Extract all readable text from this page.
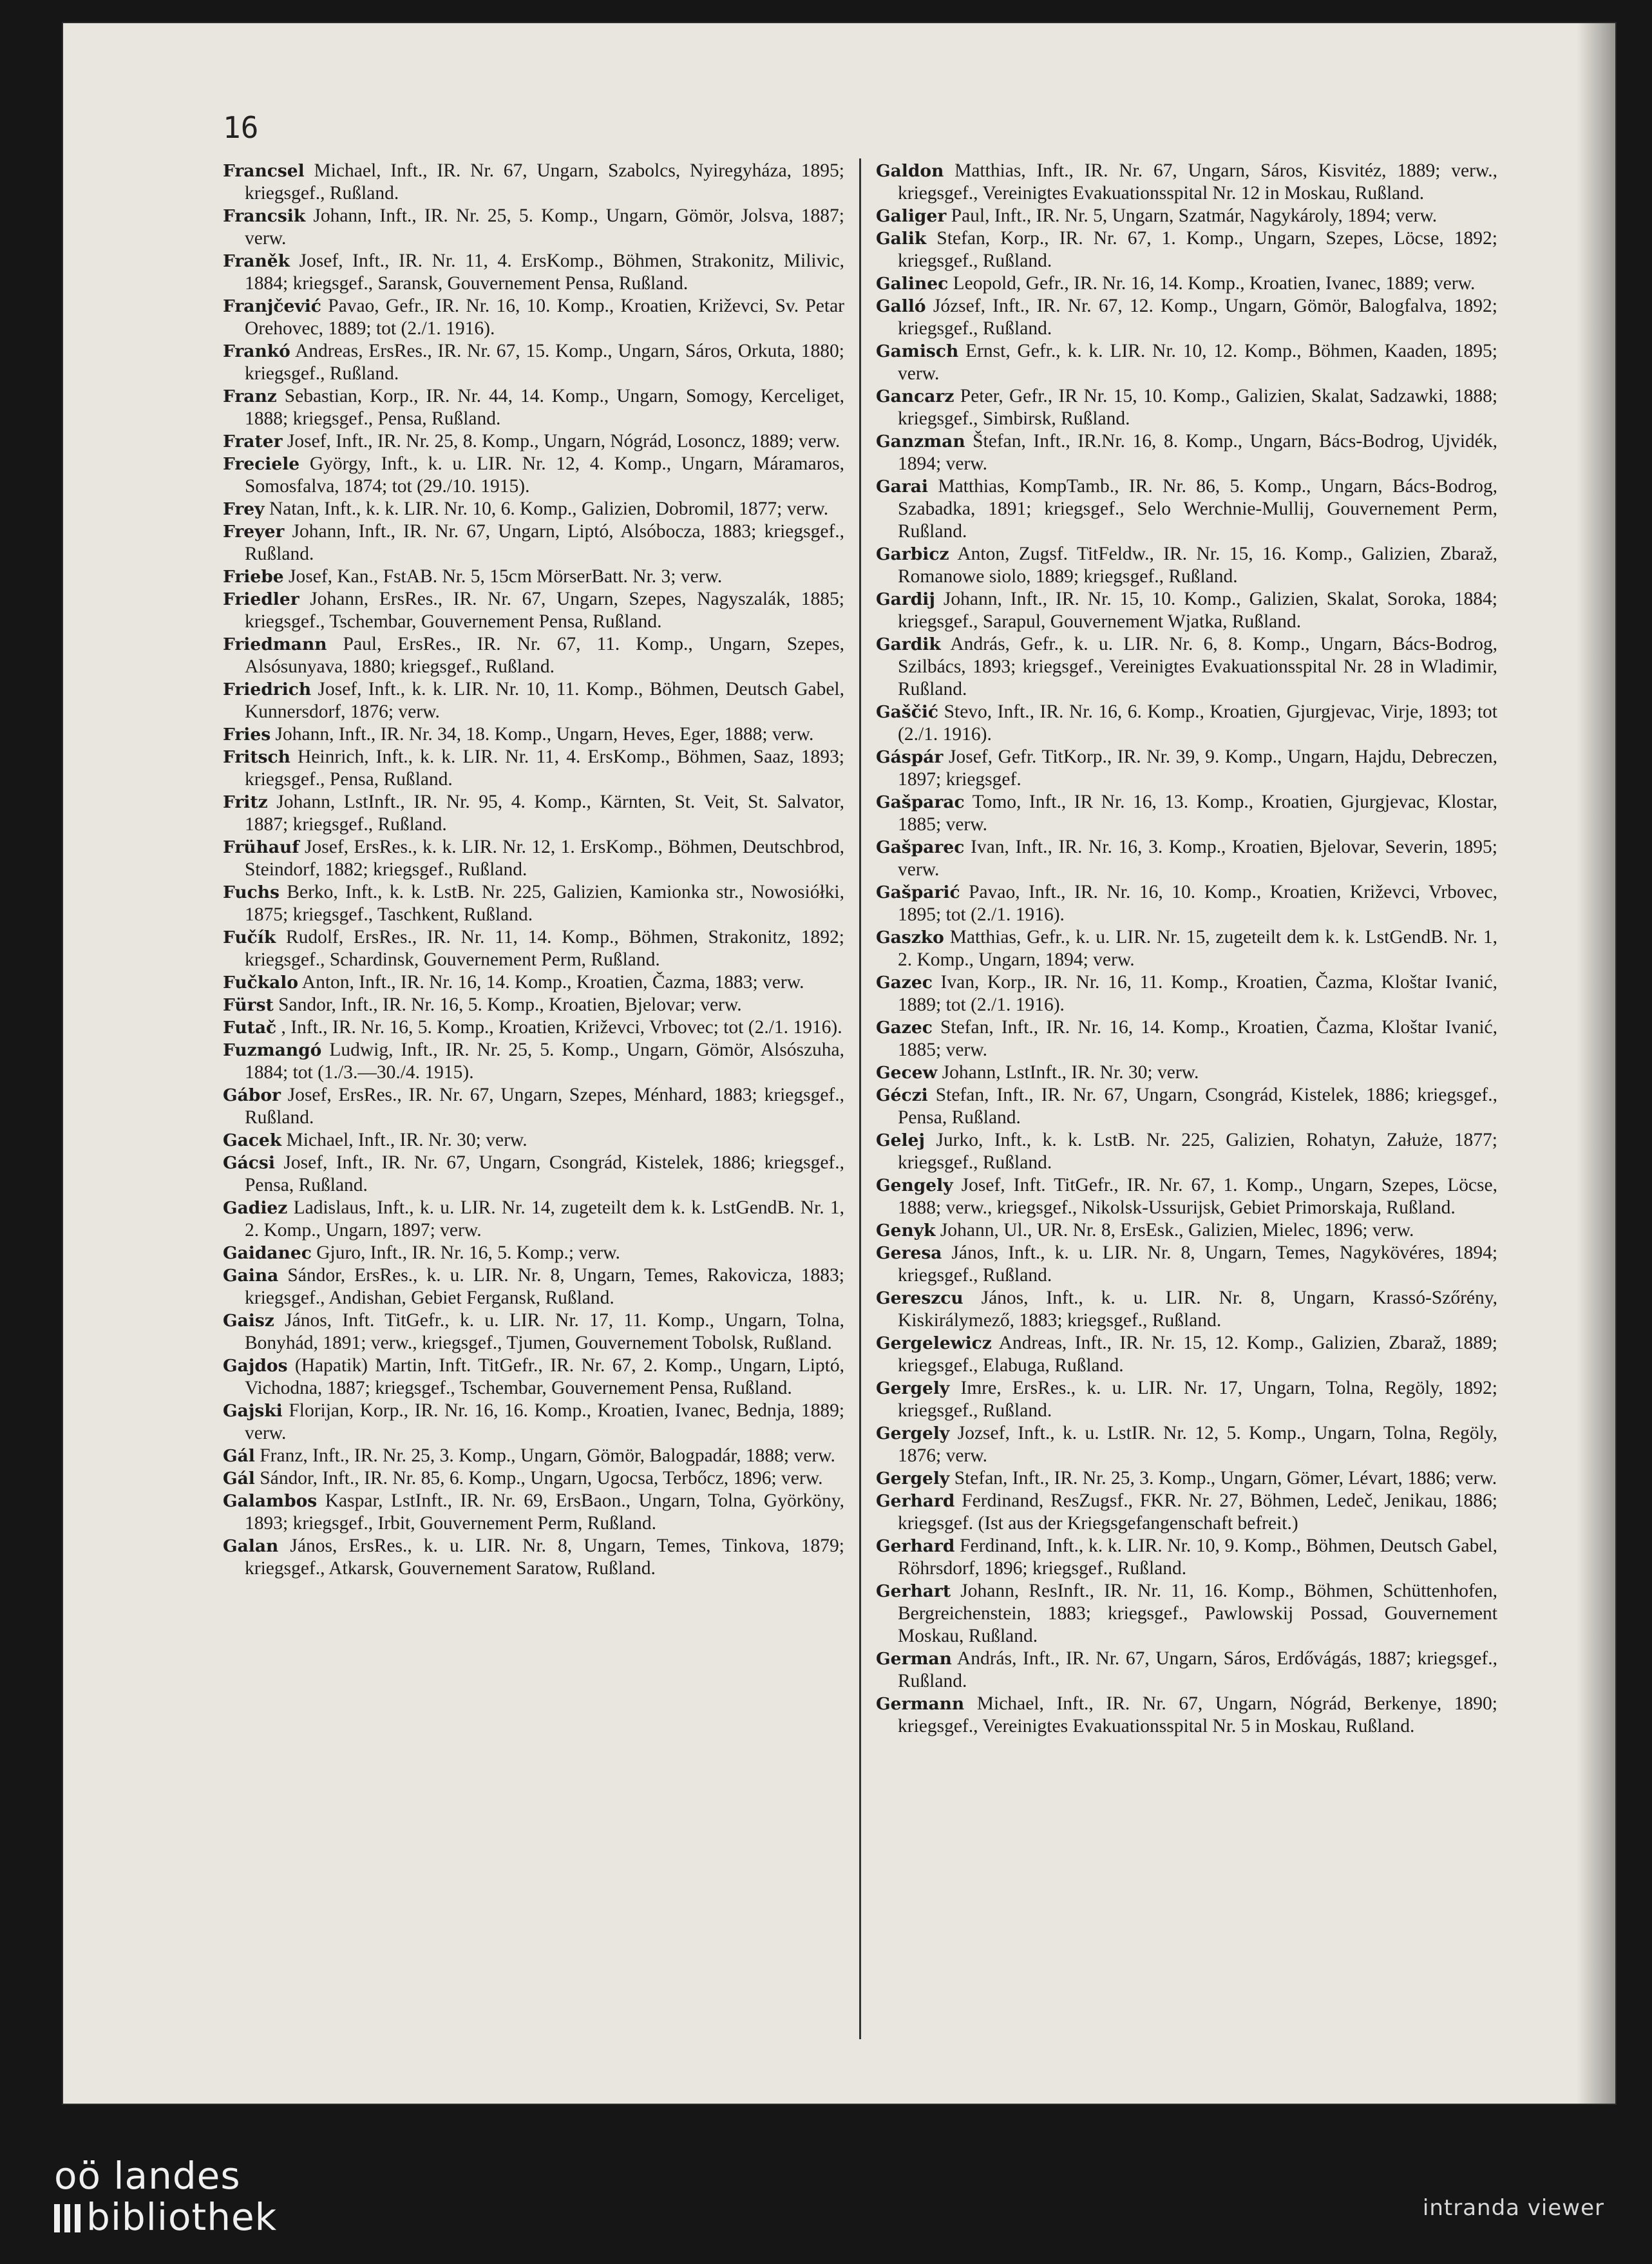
16

Francsel Michael, Inft., IR. Nr. 67, Ungarn, Szabolcs, Nyiregyháza, 1895; kriegsgef., Rußland.

Francsik Johann, Inft., IR. Nr. 25, 5. Komp., Ungarn, Gömör, Jolsva, 1887; verw.

Franěk Josef, Inft., IR. Nr. 11, 4. ErsKomp., Böhmen, Strakonitz, Milivic, 1884; kriegsgef., Saransk, Gouvernement Pensa, Rußland.

Franjčević Pavao, Gefr., IR. Nr. 16, 10. Komp., Kroatien, Križevci, Sv. Petar Orehovec, 1889; tot (2./1. 1916).

Frankó Andreas, ErsRes., IR. Nr. 67, 15. Komp., Ungarn, Sáros, Orkuta, 1880; kriegsgef., Rußland.

Franz Sebastian, Korp., IR. Nr. 44, 14. Komp., Ungarn, Somogy, Kerceliget, 1888; kriegsgef., Pensa, Rußland.

Frater Josef, Inft., IR. Nr. 25, 8. Komp., Ungarn, Nógrád, Losoncz, 1889; verw.

Freciele György, Inft., k. u. LIR. Nr. 12, 4. Komp., Ungarn, Máramaros, Somosfalva, 1874; tot (29./10. 1915).

Frey Natan, Inft., k. k. LIR. Nr. 10, 6. Komp., Galizien, Dobromil, 1877; verw.

Freyer Johann, Inft., IR. Nr. 67, Ungarn, Liptó, Alsóbocza, 1883; kriegsgef., Rußland.

Friebe Josef, Kan., FstAB. Nr. 5, 15cm MörserBatt. Nr. 3; verw.

Friedler Johann, ErsRes., IR. Nr. 67, Ungarn, Szepes, Nagyszalák, 1885; kriegsgef., Tschembar, Gouvernement Pensa, Rußland.

Friedmann Paul, ErsRes., IR. Nr. 67, 11. Komp., Ungarn, Szepes, Alsósunyava, 1880; kriegsgef., Rußland.

Friedrich Josef, Inft., k. k. LIR. Nr. 10, 11. Komp., Böhmen, Deutsch Gabel, Kunnersdorf, 1876; verw.

Fries Johann, Inft., IR. Nr. 34, 18. Komp., Ungarn, Heves, Eger, 1888; verw.

Fritsch Heinrich, Inft., k. k. LIR. Nr. 11, 4. ErsKomp., Böhmen, Saaz, 1893; kriegsgef., Pensa, Rußland.

Fritz Johann, LstInft., IR. Nr. 95, 4. Komp., Kärnten, St. Veit, St. Salvator, 1887; kriegsgef., Rußland.

Frühauf Josef, ErsRes., k. k. LIR. Nr. 12, 1. ErsKomp., Böhmen, Deutschbrod, Steindorf, 1882; kriegsgef., Rußland.

Fuchs Berko, Inft., k. k. LstB. Nr. 225, Galizien, Kamionka str., Nowosiółki, 1875; kriegsgef., Taschkent, Rußland.

Fučík Rudolf, ErsRes., IR. Nr. 11, 14. Komp., Böhmen, Strakonitz, 1892; kriegsgef., Schardinsk, Gouvernement Perm, Rußland.

Fučkalo Anton, Inft., IR. Nr. 16, 14. Komp., Kroatien, Čazma, 1883; verw.

Fürst Sandor, Inft., IR. Nr. 16, 5. Komp., Kroatien, Bjelovar; verw.

Futač , Inft., IR. Nr. 16, 5. Komp., Kroatien, Križevci, Vrbovec; tot (2./1. 1916).

Fuzmangó Ludwig, Inft., IR. Nr. 25, 5. Komp., Ungarn, Gömör, Alsószuha, 1884; tot (1./3.—30./4. 1915).

Gábor Josef, ErsRes., IR. Nr. 67, Ungarn, Szepes, Ménhard, 1883; kriegsgef., Rußland.

Gacek Michael, Inft., IR. Nr. 30; verw.

Gácsi Josef, Inft., IR. Nr. 67, Ungarn, Csongrád, Kistelek, 1886; kriegsgef., Pensa, Rußland.

Gadiez Ladislaus, Inft., k. u. LIR. Nr. 14, zugeteilt dem k. k. LstGendB. Nr. 1, 2. Komp., Ungarn, 1897; verw.

Gaidanec Gjuro, Inft., IR. Nr. 16, 5. Komp.; verw.

Gaina Sándor, ErsRes., k. u. LIR. Nr. 8, Ungarn, Temes, Rakovicza, 1883; kriegsgef., Andishan, Gebiet Fergansk, Rußland.

Gaisz János, Inft. TitGefr., k. u. LIR. Nr. 17, 11. Komp., Ungarn, Tolna, Bonyhád, 1891; verw., kriegsgef., Tjumen, Gouvernement Tobolsk, Rußland.

Gajdos (Hapatik) Martin, Inft. TitGefr., IR. Nr. 67, 2. Komp., Ungarn, Liptó, Vichodna, 1887; kriegsgef., Tschembar, Gouvernement Pensa, Rußland.

Gajski Florijan, Korp., IR. Nr. 16, 16. Komp., Kroatien, Ivanec, Bednja, 1889; verw.

Gál Franz, Inft., IR. Nr. 25, 3. Komp., Ungarn, Gömör, Balogpadár, 1888; verw.

Gál Sándor, Inft., IR. Nr. 85, 6. Komp., Ungarn, Ugocsa, Terbőcz, 1896; verw.

Galambos Kaspar, LstInft., IR. Nr. 69, ErsBaon., Ungarn, Tolna, Györköny, 1893; kriegsgef., Irbit, Gouvernement Perm, Rußland.

Galan János, ErsRes., k. u. LIR. Nr. 8, Ungarn, Temes, Tinkova, 1879; kriegsgef., Atkarsk, Gouvernement Saratow, Rußland.

Galdon Matthias, Inft., IR. Nr. 67, Ungarn, Sáros, Kisvitéz, 1889; verw., kriegsgef., Vereinigtes Evakuationsspital Nr. 12 in Moskau, Rußland.

Galiger Paul, Inft., IR. Nr. 5, Ungarn, Szatmár, Nagykároly, 1894; verw.

Galik Stefan, Korp., IR. Nr. 67, 1. Komp., Ungarn, Szepes, Löcse, 1892; kriegsgef., Rußland.

Galinec Leopold, Gefr., IR. Nr. 16, 14. Komp., Kroatien, Ivanec, 1889; verw.

Galló József, Inft., IR. Nr. 67, 12. Komp., Ungarn, Gömör, Balogfalva, 1892; kriegsgef., Rußland.

Gamisch Ernst, Gefr., k. k. LIR. Nr. 10, 12. Komp., Böhmen, Kaaden, 1895; verw.

Gancarz Peter, Gefr., IR Nr. 15, 10. Komp., Galizien, Skalat, Sadzawki, 1888; kriegsgef., Simbirsk, Rußland.

Ganzman Štefan, Inft., IR.Nr. 16, 8. Komp., Ungarn, Bács-Bodrog, Ujvidék, 1894; verw.

Garai Matthias, KompTamb., IR. Nr. 86, 5. Komp., Ungarn, Bács-Bodrog, Szabadka, 1891; kriegsgef., Selo Werchnie-Mullij, Gouvernement Perm, Rußland.

Garbicz Anton, Zugsf. TitFeldw., IR. Nr. 15, 16. Komp., Galizien, Zbaraž, Romanowe siolo, 1889; kriegsgef., Rußland.

Gardij Johann, Inft., IR. Nr. 15, 10. Komp., Galizien, Skalat, Soroka, 1884; kriegsgef., Sarapul, Gouvernement Wjatka, Rußland.

Gardik András, Gefr., k. u. LIR. Nr. 6, 8. Komp., Ungarn, Bács-Bodrog, Szilbács, 1893; kriegsgef., Vereinigtes Evakuationsspital Nr. 28 in Wladimir, Rußland.

Gaščić Stevo, Inft., IR. Nr. 16, 6. Komp., Kroatien, Gjurgjevac, Virje, 1893; tot (2./1. 1916).

Gáspár Josef, Gefr. TitKorp., IR. Nr. 39, 9. Komp., Ungarn, Hajdu, Debreczen, 1897; kriegsgef.

Gašparac Tomo, Inft., IR Nr. 16, 13. Komp., Kroatien, Gjurgjevac, Klostar, 1885; verw.

Gašparec Ivan, Inft., IR. Nr. 16, 3. Komp., Kroatien, Bjelovar, Severin, 1895; verw.

Gašparić Pavao, Inft., IR. Nr. 16, 10. Komp., Kroatien, Križevci, Vrbovec, 1895; tot (2./1. 1916).

Gaszko Matthias, Gefr., k. u. LIR. Nr. 15, zugeteilt dem k. k. LstGendB. Nr. 1, 2. Komp., Ungarn, 1894; verw.

Gazec Ivan, Korp., IR. Nr. 16, 11. Komp., Kroatien, Čazma, Kloštar Ivanić, 1889; tot (2./1. 1916).

Gazec Stefan, Inft., IR. Nr. 16, 14. Komp., Kroatien, Čazma, Kloštar Ivanić, 1885; verw.

Gecew Johann, LstInft., IR. Nr. 30; verw.

Géczi Stefan, Inft., IR. Nr. 67, Ungarn, Csongrád, Kistelek, 1886; kriegsgef., Pensa, Rußland.

Gelej Jurko, Inft., k. k. LstB. Nr. 225, Galizien, Rohatyn, Załuże, 1877; kriegsgef., Rußland.

Gengely Josef, Inft. TitGefr., IR. Nr. 67, 1. Komp., Ungarn, Szepes, Löcse, 1888; verw., kriegsgef., Nikolsk-Ussurijsk, Gebiet Primorskaja, Rußland.

Genyk Johann, Ul., UR. Nr. 8, ErsEsk., Galizien, Mielec, 1896; verw.

Geresa János, Inft., k. u. LIR. Nr. 8, Ungarn, Temes, Nagykövéres, 1894; kriegsgef., Rußland.

Gereszcu János, Inft., k. u. LIR. Nr. 8, Ungarn, Krassó-Szőrény, Kiskirálymező, 1883; kriegsgef., Rußland.

Gergelewicz Andreas, Inft., IR. Nr. 15, 12. Komp., Galizien, Zbaraž, 1889; kriegsgef., Elabuga, Rußland.

Gergely Imre, ErsRes., k. u. LIR. Nr. 17, Ungarn, Tolna, Regöly, 1892; kriegsgef., Rußland.

Gergely Jozsef, Inft., k. u. LstIR. Nr. 12, 5. Komp., Ungarn, Tolna, Regöly, 1876; verw.

Gergely Stefan, Inft., IR. Nr. 25, 3. Komp., Ungarn, Gömer, Lévart, 1886; verw.

Gerhard Ferdinand, ResZugsf., FKR. Nr. 27, Böhmen, Ledeč, Jenikau, 1886; kriegsgef. (Ist aus der Kriegsgefangenschaft befreit.)

Gerhard Ferdinand, Inft., k. k. LIR. Nr. 10, 9. Komp., Böhmen, Deutsch Gabel, Röhrsdorf, 1896; kriegsgef., Rußland.

Gerhart Johann, ResInft., IR. Nr. 11, 16. Komp., Böhmen, Schüttenhofen, Bergreichenstein, 1883; kriegsgef., Pawlowskij Possad, Gouvernement Moskau, Rußland.

German András, Inft., IR. Nr. 67, Ungarn, Sáros, Erdővágás, 1887; kriegsgef., Rußland.

Germann Michael, Inft., IR. Nr. 67, Ungarn, Nógrád, Berkenye, 1890; kriegsgef., Vereinigtes Evakuationsspital Nr. 5 in Moskau, Rußland.

oö landes
bibliothek	intranda viewer
